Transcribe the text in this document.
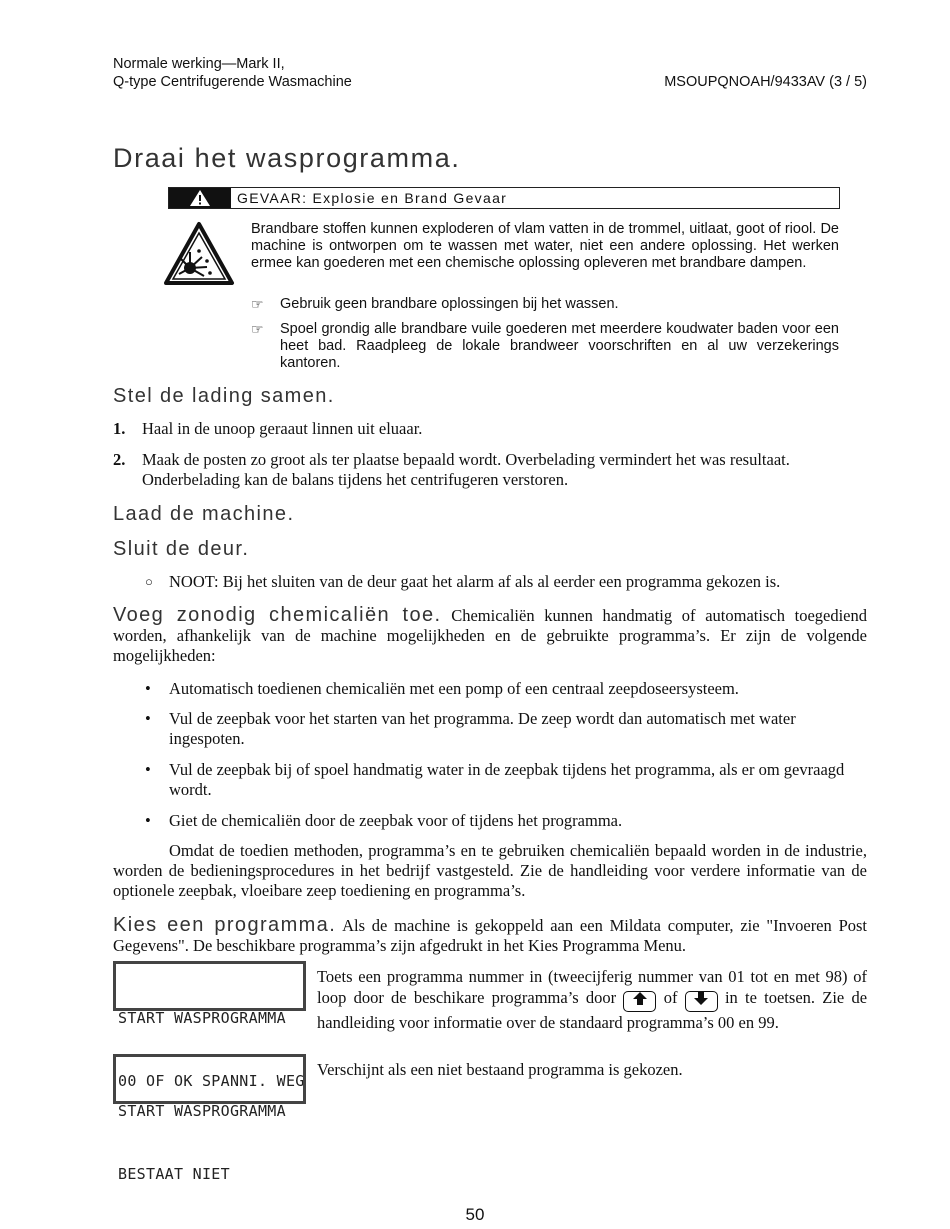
Normale werking—Mark II,
Q-type Centrifugerende Wasmachine	MSOUPQNOAH/9433AV (3 / 5)
Draai het wasprogramma.
GEVAAR: Explosie en Brand Gevaar
Brandbare stoffen kunnen exploderen of vlam vatten in de trommel, uitlaat, goot of riool. De machine is ontworpen om te wassen met water, niet een andere oplossing. Het werken ermee kan goederen met een chemische oplossing opleveren met brandbare dampen.
☞ Gebruik geen brandbare oplossingen bij het wassen.
☞ Spoel grondig alle brandbare vuile goederen met meerdere koudwater baden voor een heet bad. Raadpleeg de lokale brandweer voorschriften en al uw verzekerings kantoren.
Stel de lading samen.
1. Haal in de unoop geraaut linnen uit eluaar.
2. Maak de posten zo groot als ter plaatse bepaald wordt. Overbelading vermindert het was resultaat. Onderbelading kan de balans tijdens het centrifugeren verstoren.
Laad de machine.
Sluit de deur.
○ NOOT: Bij het sluiten van de deur gaat het alarm af als al eerder een programma gekozen is.
Voeg zonodig chemicaliën toe. Chemicaliën kunnen handmatig of automatisch toegediend worden, afhankelijk van de machine mogelijkheden en de gebruikte programma’s. Er zijn de volgende mogelijkheden:
• Automatisch toedienen chemicaliën met een pomp of een centraal zeepdoseersysteem.
• Vul de zeepbak voor het starten van het programma. De zeep wordt dan automatisch met water ingespoten.
• Vul de zeepbak bij of spoel handmatig water in de zeepbak tijdens het programma, als er om gevraagd wordt.
• Giet de chemicaliën door de zeepbak voor of tijdens het programma.
Omdat de toedien methoden, programma’s en te gebruiken chemicaliën bepaald worden in de industrie, worden de bedieningsprocedures in het bedrijf vastgesteld. Zie de handleiding voor verdere informatie van de optionele zeepbak, vloeibare zeep toediening en programma’s.
Kies een programma. Als de machine is gekoppeld aan een Mildata computer, zie "Invoeren Post Gegevens". De beschikbare programma’s zijn afgedrukt in het Kies Programma Menu.

START WASPROGRAMMA

00 OF OK SPANNI. WEG

Toets een programma nummer in (tweecijferig nummer van 01 tot en met 98) of loop door de beschikare programma’s door	of	in te toetsen. Zie de handleiding voor informatie over de standaard programma’s 00 en 99.

START WASPROGRAMMA

BESTAAT NIET

Verschijnt als een niet bestaand programma is gekozen.
50
